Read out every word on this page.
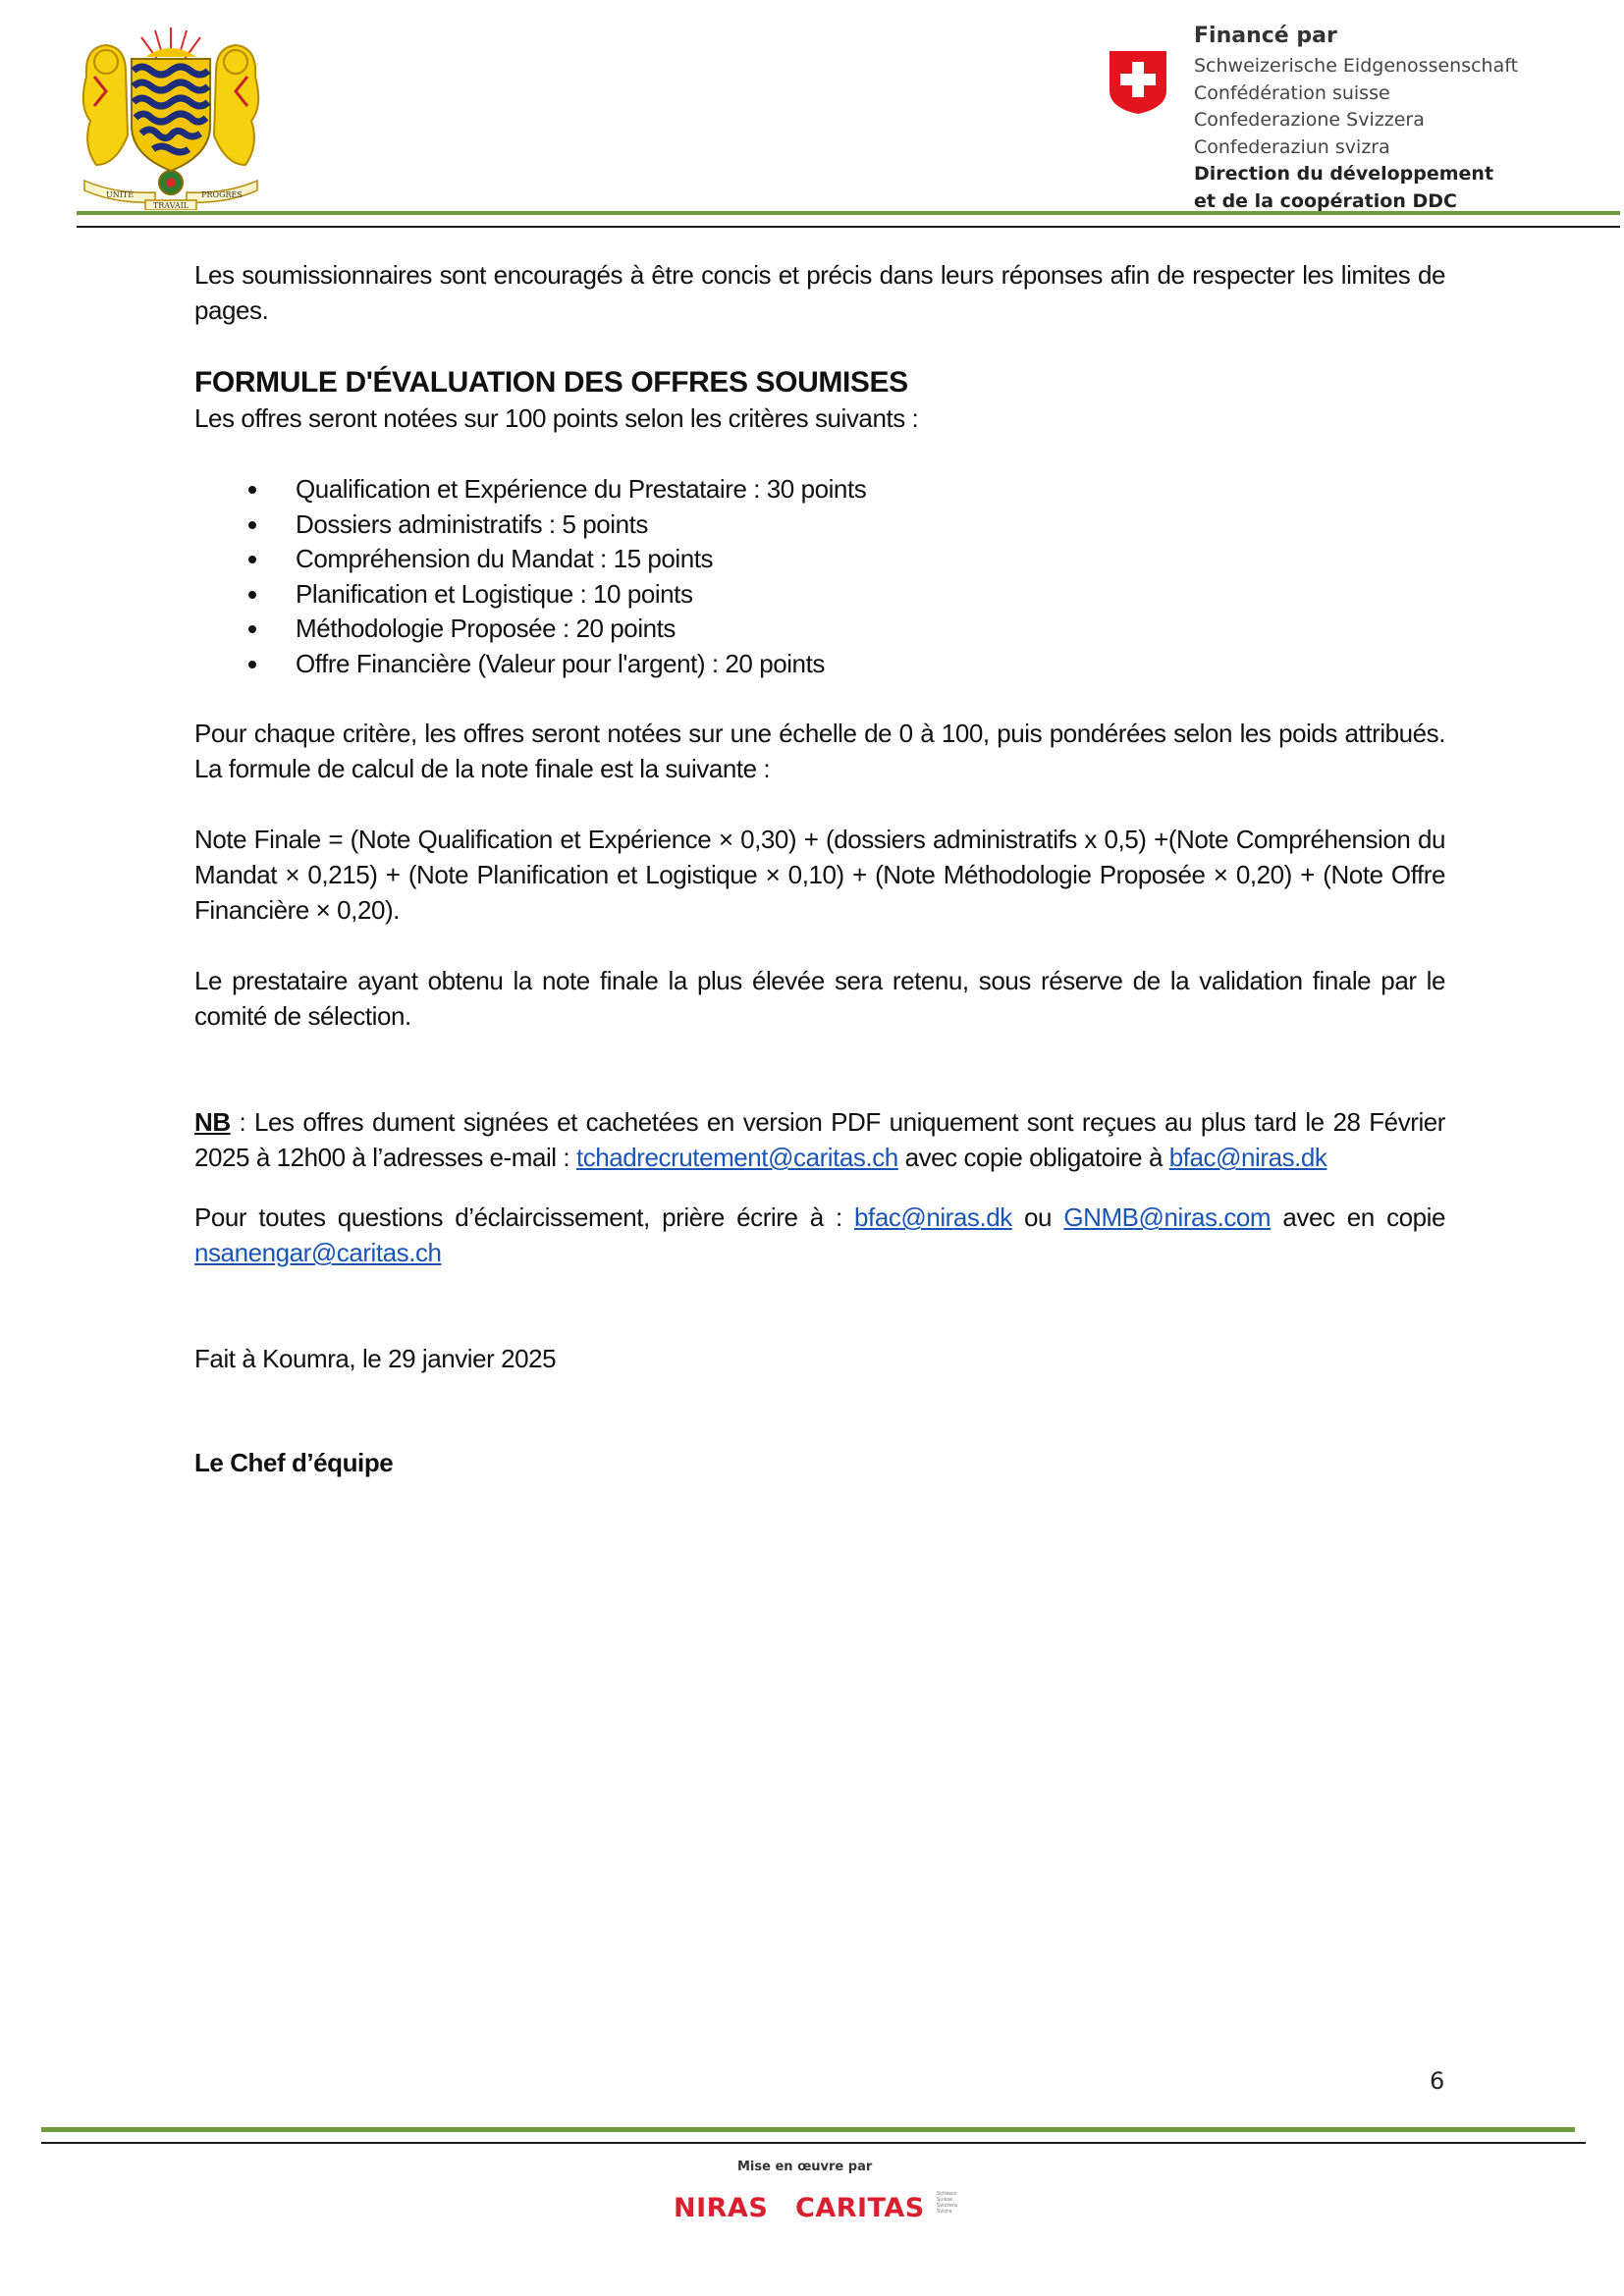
UNITÉ	PROGRÈS
TRAVAIL
Financé par
Schweizerische Eidgenossenschaft
Confédération suisse
Confederazione Svizzera
Confederaziun svizra
Direction du développement
et de la coopération DDC

Les soumissionnaires sont encouragés à être concis et précis dans leurs réponses afin de respecter les limites de pages.

FORMULE D'ÉVALUATION DES OFFRES SOUMISES

Les offres seront notées sur 100 points selon les critères suivants :

Qualification et Expérience du Prestataire : 30 points
Dossiers administratifs : 5 points
Compréhension du Mandat : 15 points
Planification et Logistique : 10 points
Méthodologie Proposée : 20 points
Offre Financière (Valeur pour l'argent) : 20 points

Pour chaque critère, les offres seront notées sur une échelle de 0 à 100, puis pondérées selon les poids attribués. La formule de calcul de la note finale est la suivante :

Note Finale = (Note Qualification et Expérience × 0,30) + (dossiers administratifs x 0,5) +(Note Compréhension du Mandat × 0,215) + (Note Planification et Logistique × 0,10) + (Note Méthodologie Proposée × 0,20) + (Note Offre Financière × 0,20).

Le prestataire ayant obtenu la note finale la plus élevée sera retenu, sous réserve de la validation finale par le comité de sélection.

NB : Les offres dument signées et cachetées en version PDF uniquement sont reçues au plus tard le 28 Février 2025 à 12h00 à l’adresses e-mail : tchadrecrutement@caritas.ch avec copie obligatoire à bfac@niras.dk

Pour toutes questions d’éclaircissement, prière écrire à : bfac@niras.dk ou GNMB@niras.com avec en copie nsanengar@caritas.ch

Fait à Koumra, le 29 janvier 2025

Le Chef d’équipe

6
Mise en œuvre par
NIRAS CARITAS Schweiz Suisse Svizzera Svizra
